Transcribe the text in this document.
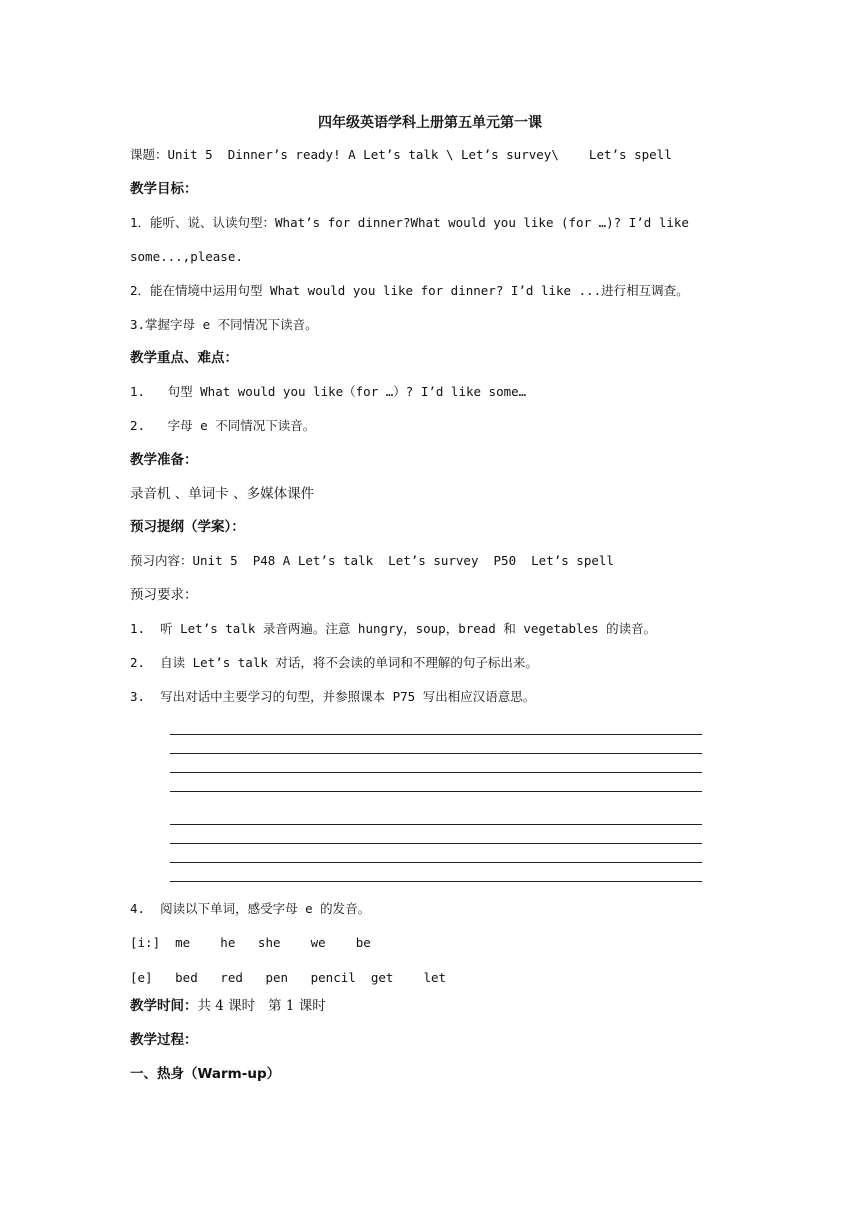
四年级英语学科上册第五单元第一课
课题：Unit 5  Dinner’s ready! A Let’s talk \ Let’s survey\    Let’s spell
教学目标：
1．能听、说、认读句型：What’s for dinner?What would you like (for …)? I’d like
some...,please.
2．能在情境中运用句型 What would you like for dinner? I’d like ...进行相互调查。
3.掌握字母 e 不同情况下读音。
教学重点、难点：
1.   句型 What would you like（for …）? I’d like some…
2.   字母 e 不同情况下读音。
教学准备：
录音机 、单词卡 、多媒体课件
预习提纲（学案）：
预习内容：Unit 5  P48 A Let’s talk  Let’s survey  P50  Let’s spell
预习要求：
1.  听 Let’s talk 录音两遍。注意 hungry，soup，bread 和 vegetables 的读音。
2.  自读 Let’s talk 对话，将不会读的单词和不理解的句子标出来。
3.  写出对话中主要学习的句型，并参照课本 P75 写出相应汉语意思。
4.  阅读以下单词，感受字母 e 的发音。
[i:]  me    he   she    we    be
[e]   bed   red   pen   pencil  get    let
教学时间：共 4 课时   第 1 课时
教学过程：
一、热身（Warm-up）
